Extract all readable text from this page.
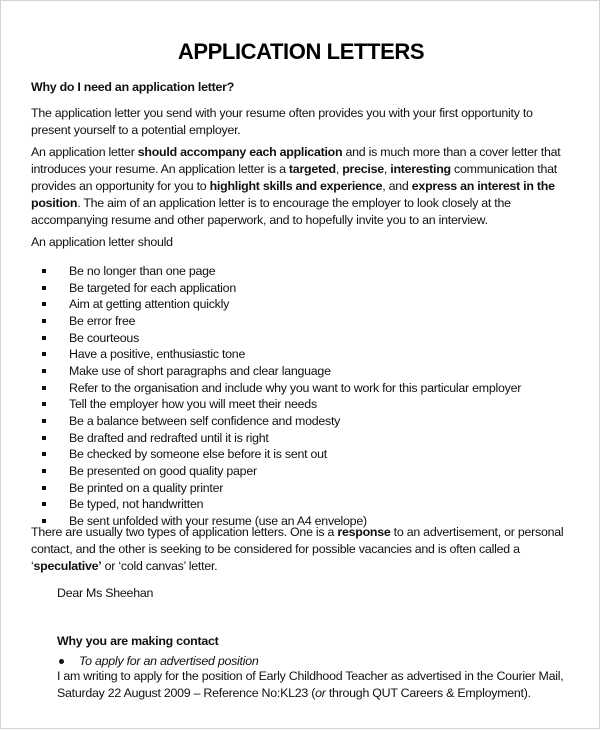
APPLICATION LETTERS
Why do I need an application letter?
The application letter you send with your resume often provides you with your first opportunity to
present yourself to a potential employer.
An application letter should accompany each application and is much more than a cover letter that
introduces your resume. An application letter is a targeted, precise, interesting communication that
provides an opportunity for you to highlight skills and experience, and express an interest in the
position. The aim of an application letter is to encourage the employer to look closely at the
accompanying resume and other paperwork, and to hopefully invite you to an interview.
An application letter should
Be no longer than one page
Be targeted for each application
Aim at getting attention quickly
Be error free
Be courteous
Have a positive, enthusiastic tone
Make use of short paragraphs and clear language
Refer to the organisation and include why you want to work for this particular employer
Tell the employer how you will meet their needs
Be a balance between self confidence and modesty
Be drafted and redrafted until it is right
Be checked by someone else before it is sent out
Be presented on good quality paper
Be printed on a quality printer
Be typed, not handwritten
Be sent unfolded with your resume (use an A4 envelope)
There are usually two types of application letters. One is a response to an advertisement, or personal
contact, and the other is seeking to be considered for possible vacancies and is often called a
‘speculative’ or ‘cold canvas’ letter.
Dear Ms Sheehan
Why you are making contact
To apply for an advertised position
I am writing to apply for the position of Early Childhood Teacher as advertised in the Courier Mail,
Saturday 22 August 2009 – Reference No:KL23 (or through QUT Careers & Employment).
